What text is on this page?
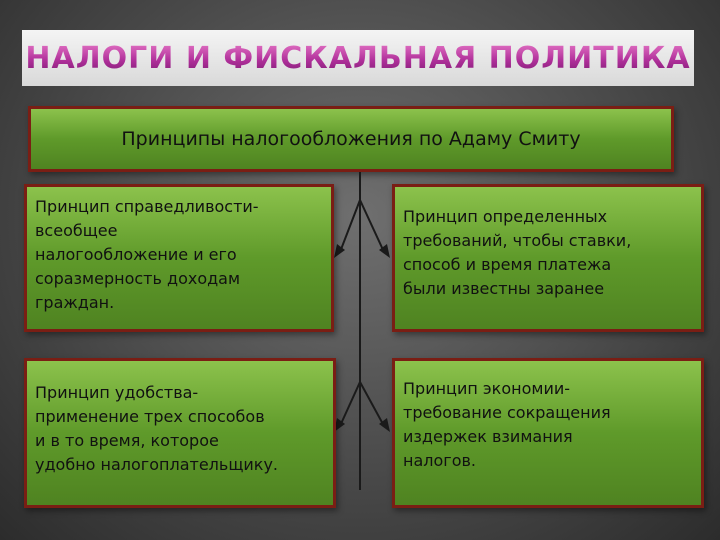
НАЛОГИ И ФИСКАЛЬНАЯ ПОЛИТИКА
Принципы налогообложения по Адаму Смиту
Принцип справедливости-
всеобщее
налогообложение и его
соразмерность доходам
граждан.
Принцип определенных
требований, чтобы ставки,
способ и время платежа
были известны заранее
Принцип удобства-
применение трех способов
и в то время, которое
удобно налогоплательщику.
Принцип экономии-
требование сокращения
издержек взимания
налогов.
